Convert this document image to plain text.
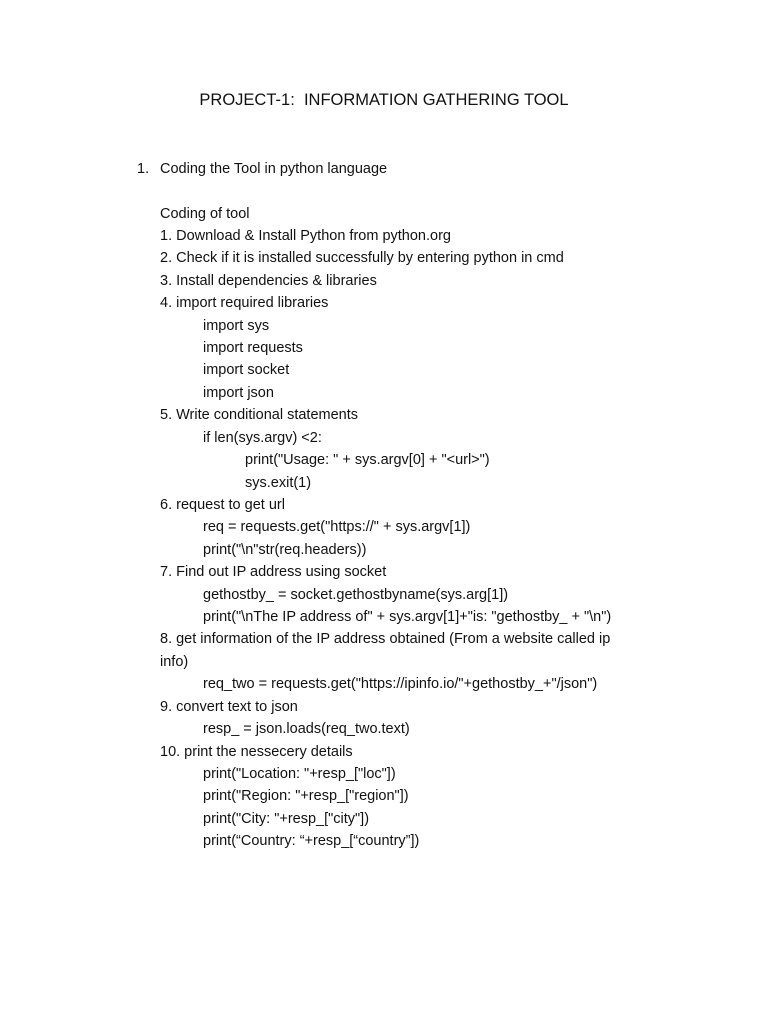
PROJECT-1:  INFORMATION GATHERING TOOL
1. Coding the Tool in python language
Coding of tool
1. Download & Install Python from python.org
2. Check if it is installed successfully by entering python in cmd
3. Install dependencies & libraries
4. import required libraries
import sys
import requests
import socket
import json
5. Write conditional statements
if len(sys.argv) <2:
print("Usage: " + sys.argv[0] + "<url>")
sys.exit(1)
6. request to get url
req = requests.get("https://" + sys.argv[1])
print("\n"str(req.headers))
7. Find out IP address using socket
gethostby_ = socket.gethostbyname(sys.arg[1])
print("\nThe IP address of" + sys.argv[1]+"is: "gethostby_ + "\n")
8. get information of the IP address obtained (From a website called ip
info)
req_two = requests.get("https://ipinfo.io/"+gethostby_+"/json")
9. convert text to json
resp_ = json.loads(req_two.text)
10. print the nessecery details
print("Location: "+resp_["loc"])
print("Region: "+resp_["region"])
print("City: "+resp_["city"])
print(“Country: “+resp_[“country”])
